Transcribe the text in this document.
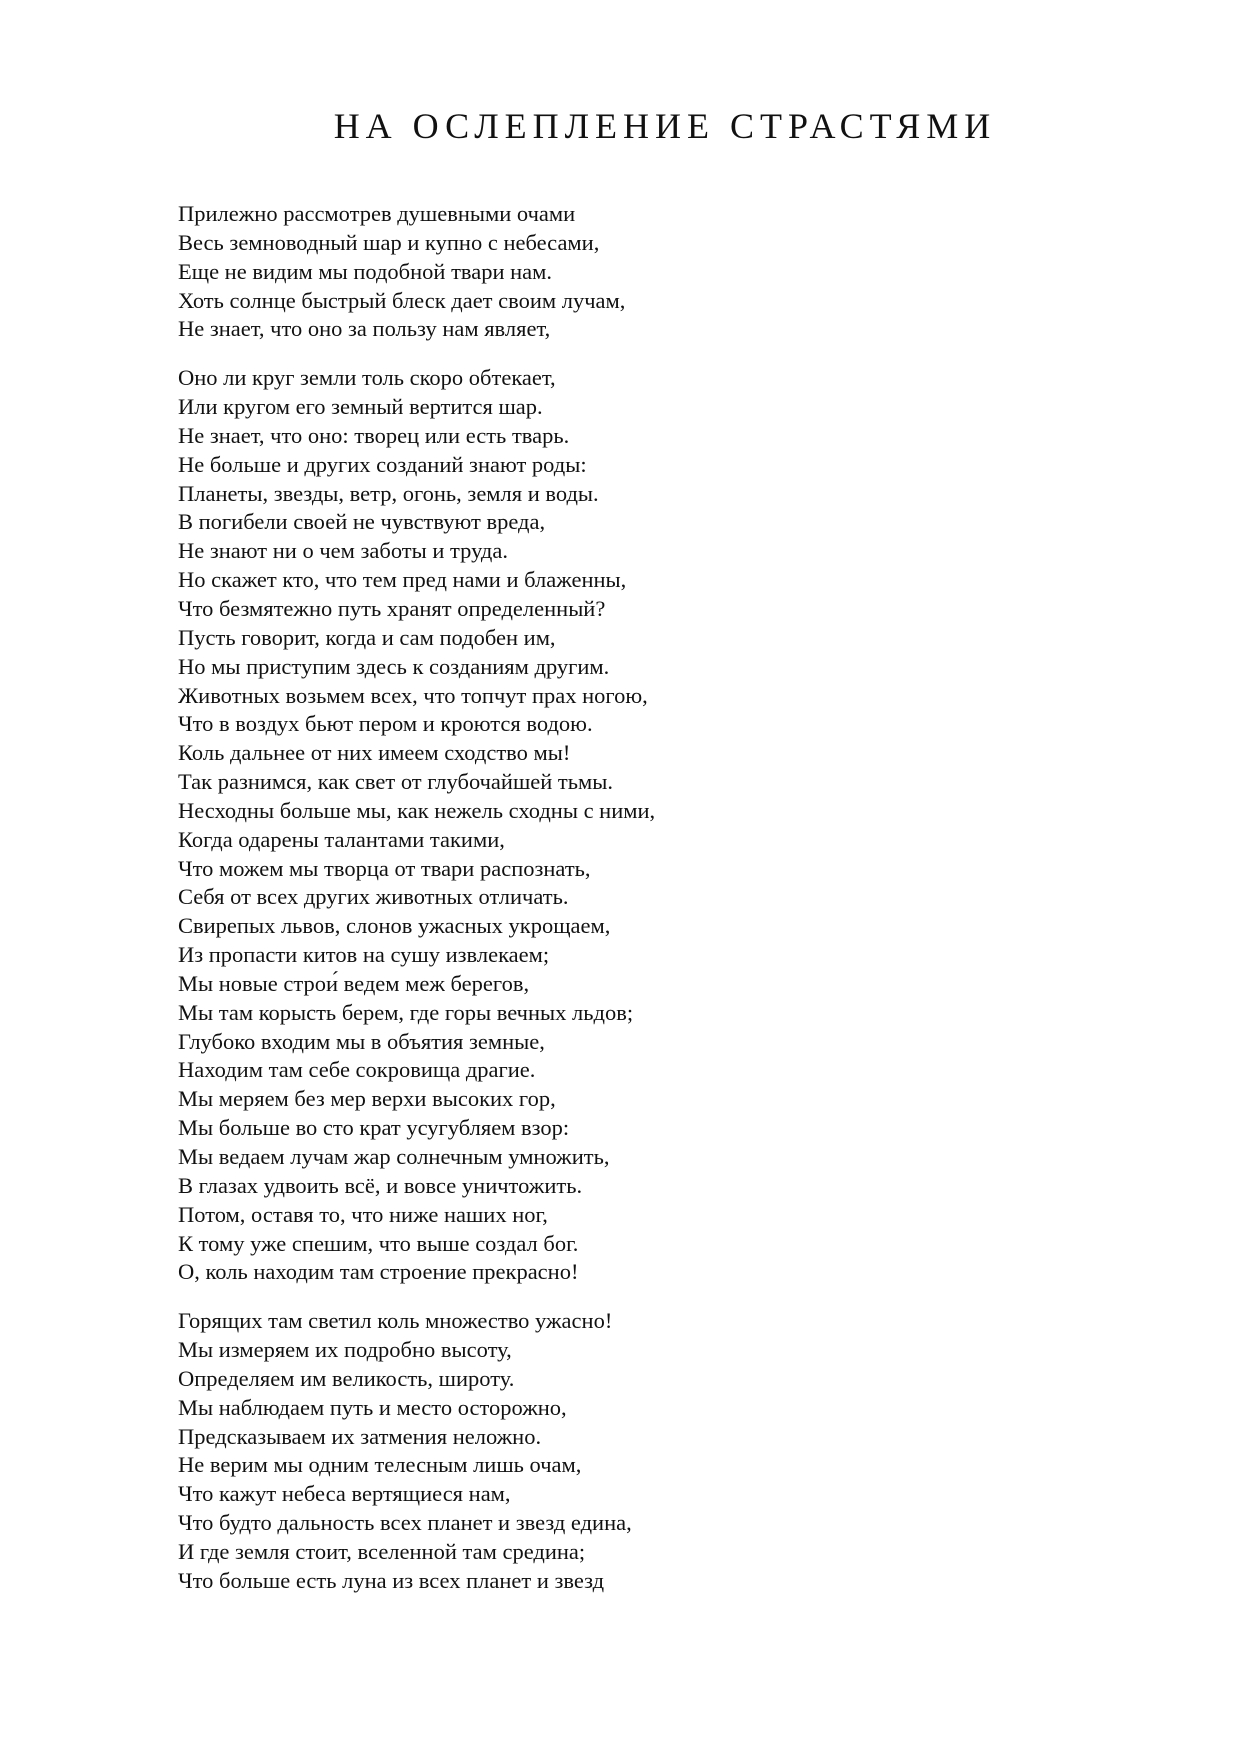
НА ОСЛЕПЛЕНИЕ СТРАСТЯМИ
Прилежно рассмотрев душевными очами
Весь земноводный шар и купно с небесами,
Еще не видим мы подобной твари нам.
Хоть солнце быстрый блеск дает своим лучам,
Не знает, что оно за пользу нам являет,
Оно ли круг земли толь скоро обтекает,
Или кругом его земный вертится шар.
Не знает, что оно: творец или есть тварь.
Не больше и других созданий знают роды:
Планеты, звезды, ветр, огонь, земля и воды.
В погибели своей не чувствуют вреда,
Не знают ни о чем заботы и труда.
Но скажет кто, что тем пред нами и блаженны,
Что безмятежно путь хранят определенный?
Пусть говорит, когда и сам подобен им,
Но мы приступим здесь к созданиям другим.
Животных возьмем всех, что топчут прах ногою,
Что в воздух бьют пером и кроются водою.
Коль дальнее от них имеем сходство мы!
Так разнимся, как свет от глубочайшей тьмы.
Несходны больше мы, как нежель сходны с ними,
Когда одарены талантами такими,
Что можем мы творца от твари распознать,
Себя от всех других животных отличать.
Свирепых львов, слонов ужасных укрощаем,
Из пропасти китов на сушу извлекаем;
Мы новые строи́ ведем меж берегов,
Мы там корысть берем, где горы вечных льдов;
Глубоко входим мы в объятия земные,
Находим там себе сокровища драгие.
Мы меряем без мер верхи высоких гор,
Мы больше во сто крат усугубляем взор:
Мы ведаем лучам жар солнечным умножить,
В глазах удвоить всё, и вовсе уничтожить.
Потом, оставя то, что ниже наших ног,
К тому уже спешим, что выше создал бог.
О, коль находим там строение прекрасно!
Горящих там светил коль множество ужасно!
Мы измеряем их подробно высоту,
Определяем им великость, широту.
Мы наблюдаем путь и место осторожно,
Предсказываем их затмения неложно.
Не верим мы одним телесным лишь очам,
Что кажут небеса вертящиеся нам,
Что будто дальность всех планет и звезд едина,
И где земля стоит, вселенной там средина;
Что больше есть луна из всех планет и звезд
